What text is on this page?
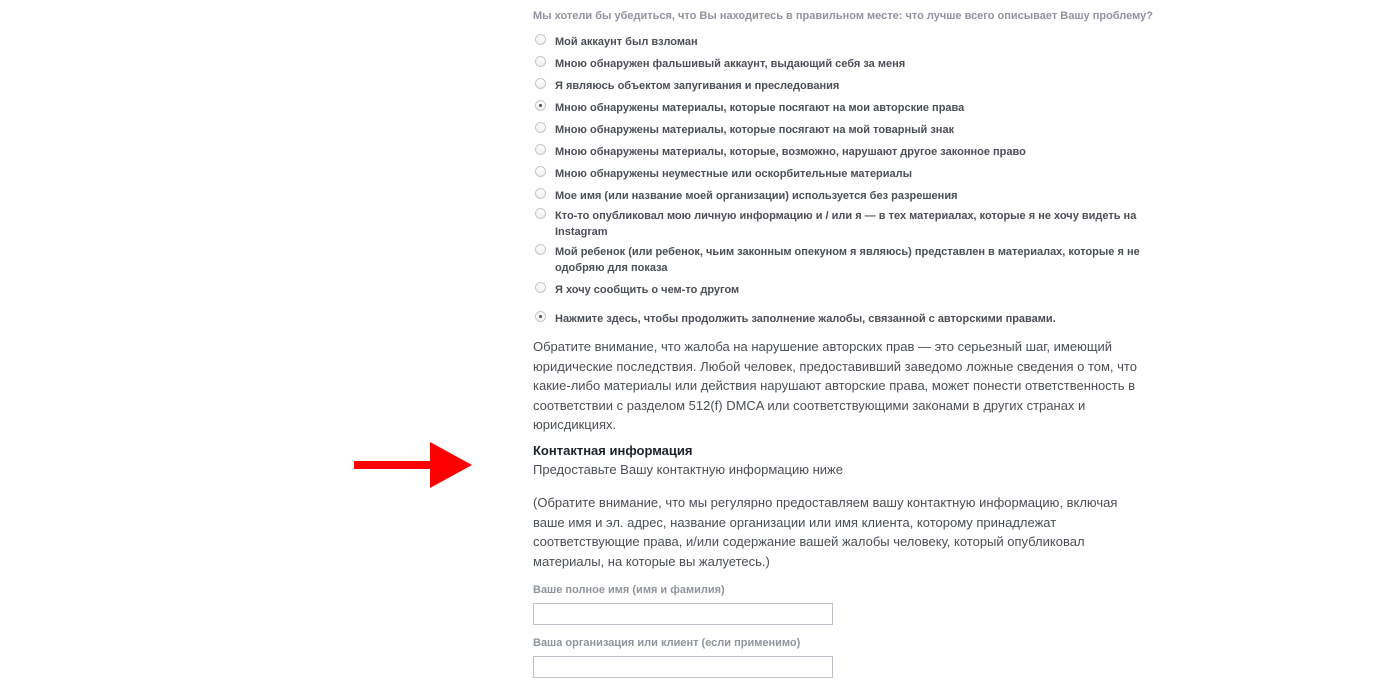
Мы хотели бы убедиться, что Вы находитесь в правильном месте: что лучше всего описывает Вашу проблему?
Мой аккаунт был взломан
Мною обнаружен фальшивый аккаунт, выдающий себя за меня
Я являюсь объектом запугивания и преследования
Мною обнаружены материалы, которые посягают на мои авторские права
Мною обнаружены материалы, которые посягают на мой товарный знак
Мною обнаружены материалы, которые, возможно, нарушают другое законное право
Мною обнаружены неуместные или оскорбительные материалы
Мое имя (или название моей организации) используется без разрешения
Кто-то опубликовал мою личную информацию и / или я — в тех материалах, которые я не хочу видеть на Instagram
Мой ребенок (или ребенок, чьим законным опекуном я являюсь) представлен в материалах, которые я не одобряю для показа
Я хочу сообщить о чем-то другом
Нажмите здесь, чтобы продолжить заполнение жалобы, связанной с авторскими правами.
Обратите внимание, что жалоба на нарушение авторских прав — это серьезный шаг, имеющий юридические последствия. Любой человек, предоставивший заведомо ложные сведения о том, что какие-либо материалы или действия нарушают авторские права, может понести ответственность в соответствии с разделом 512(f) DMCA или соответствующими законами в других странах и юрисдикциях.
Контактная информация
Предоставьте Вашу контактную информацию ниже
(Обратите внимание, что мы регулярно предоставляем вашу контактную информацию, включая ваше имя и эл. адрес, название организации или имя клиента, которому принадлежат соответствующие права, и/или содержание вашей жалобы человеку, который опубликовал материалы, на которые вы жалуетесь.)
Ваше полное имя (имя и фамилия)
Ваша организация или клиент (если применимо)
